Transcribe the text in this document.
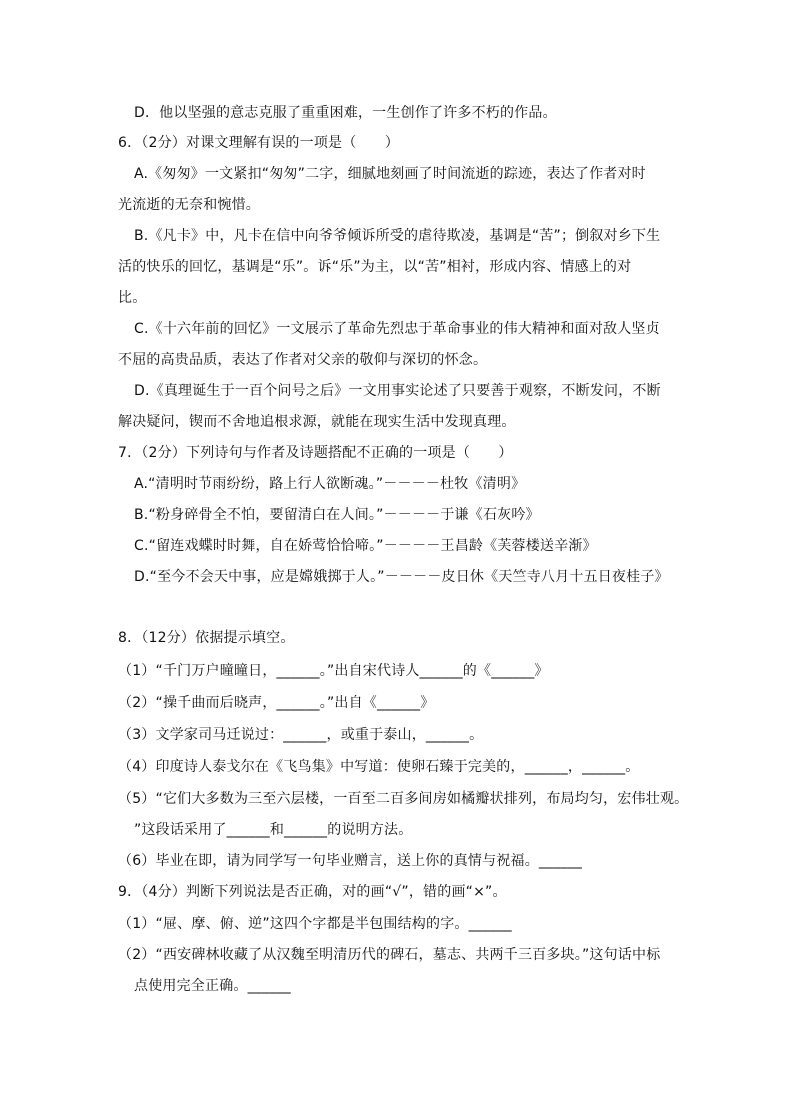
D．他以坚强的意志克服了重重困难，一生创作了许多不朽的作品。
6．（2分）对课文理解有误的一项是（　　）
A.《匆匆》一文紧扣“匆匆”二字，细腻地刻画了时间流逝的踪迹，表达了作者对时
光流逝的无奈和惋惜。
B.《凡卡》中，凡卡在信中向爷爷倾诉所受的虐待欺凌，基调是“苦”；倒叙对乡下生
活的快乐的回忆，基调是“乐”。诉“乐”为主，以“苦”相衬，形成内容、情感上的对
比。
C.《十六年前的回忆》一文展示了革命先烈忠于革命事业的伟大精神和面对敌人坚贞
不屈的高贵品质，表达了作者对父亲的敬仰与深切的怀念。
D.《真理诞生于一百个问号之后》一文用事实论述了只要善于观察，不断发问，不断
解决疑问，锲而不舍地追根求源，就能在现实生活中发现真理。
7．（2分）下列诗句与作者及诗题搭配不正确的一项是（　　）
A.“清明时节雨纷纷，路上行人欲断魂。”－－－－杜牧《清明》
B.“粉身碎骨全不怕，要留清白在人间。”－－－－于谦《石灰吟》
C.“留连戏蝶时时舞，自在娇莺恰恰啼。”－－－－王昌龄《芙蓉楼送辛渐》
D.“至今不会天中事，应是嫦娥掷于人。”－－－－皮日休《天竺寺八月十五日夜桂子》
8．（12分）依据提示填空。
（1）“千门万户曈曈日，______。”出自宋代诗人______的《______》
（2）“操千曲而后晓声，______。”出自《______》
（3）文学家司马迁说过：______，或重于泰山，______。
（4）印度诗人泰戈尔在《飞鸟集》中写道：使卵石臻于完美的，______，______。
（5）“它们大多数为三至六层楼，一百至二百多间房如橘瓣状排列，布局均匀，宏伟壮观。
”这段话采用了______和______的说明方法。
（6）毕业在即，请为同学写一句毕业赠言，送上你的真情与祝福。______
9．（4分）判断下列说法是否正确，对的画“√”，错的画“×”。
（1）“屉、摩、俯、逆”这四个字都是半包围结构的字。______
（2）“西安碑林收藏了从汉魏至明清历代的碑石，墓志、共两千三百多块。”这句话中标
点使用完全正确。______
